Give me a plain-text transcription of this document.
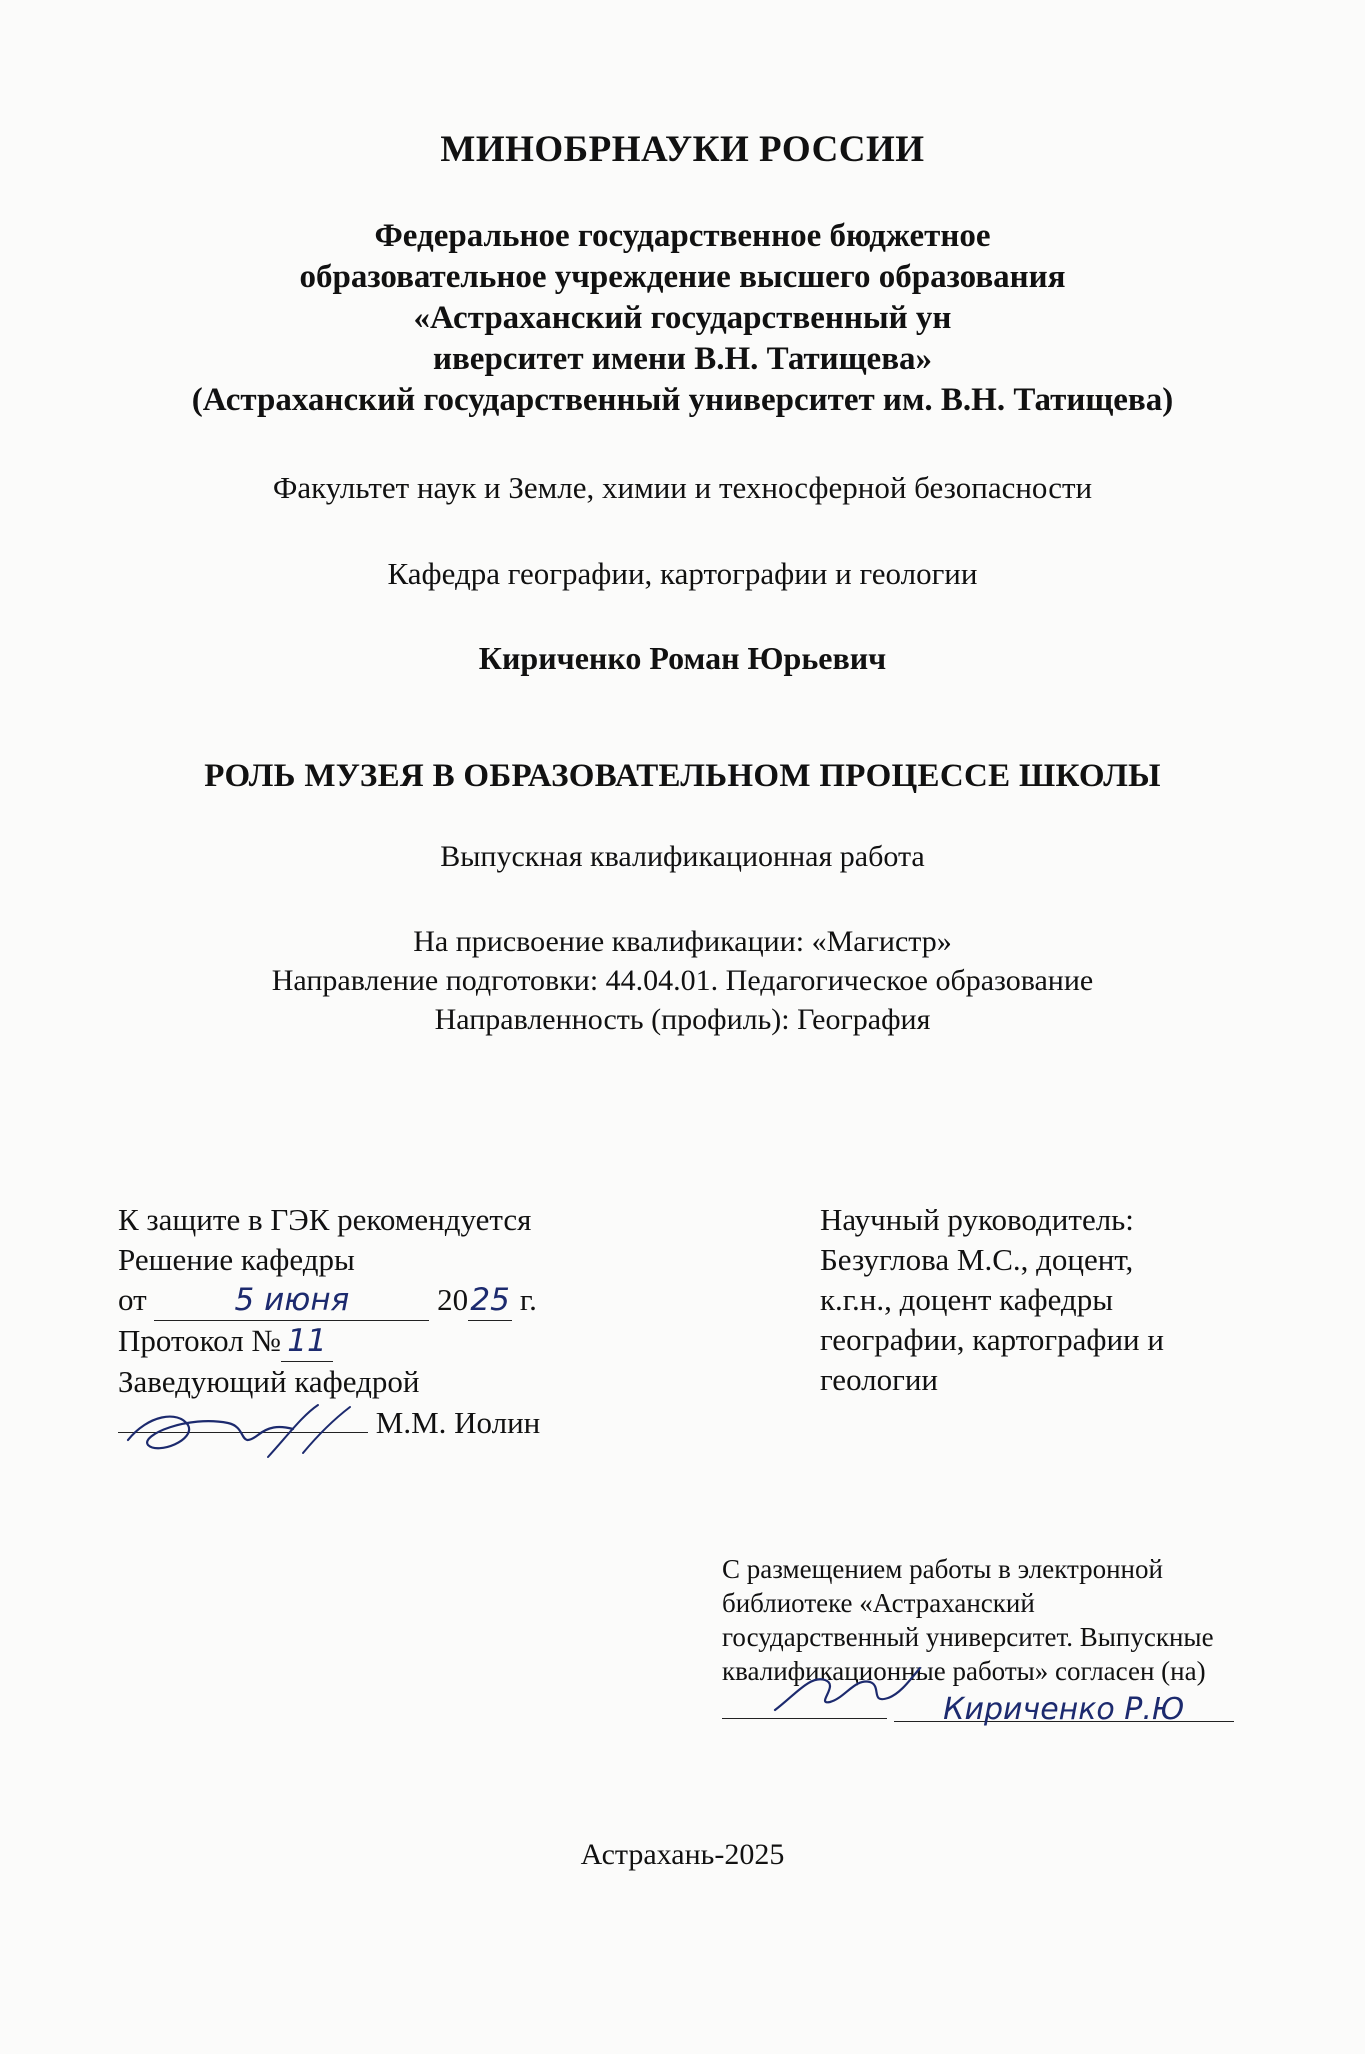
МИНОБРНАУКИ РОССИИ
Федеральное государственное бюджетное
образовательное учреждение высшего образования
«Астраханский государственный ун
иверситет имени В.Н. Татищева»
(Астраханский государственный университет им. В.Н. Татищева)
Факультет наук и Земле, химии и техносферной безопасности
Кафедра географии, картографии и геологии
Кириченко Роман Юрьевич
РОЛЬ МУЗЕЯ В ОБРАЗОВАТЕЛЬНОМ ПРОЦЕССЕ ШКОЛЫ
Выпускная квалификационная работа
На присвоение квалификации: «Магистр»
Направление подготовки: 44.04.01. Педагогическое образование
Направленность (профиль): География
К защите в ГЭК рекомендуется
Решение кафедры
от	5 июня	2025 г.
Протокол № 11
Заведующий кафедрой
М.М. Иолин
Научный руководитель:
Безуглова М.С., доцент,
к.г.н., доцент кафедры
географии, картографии и
геологии
С размещением работы в электронной
библиотеке «Астраханский
государственный университет. Выпускные
квалификационные работы» согласен (на)
Кириченко Р.Ю
Астрахань-2025
